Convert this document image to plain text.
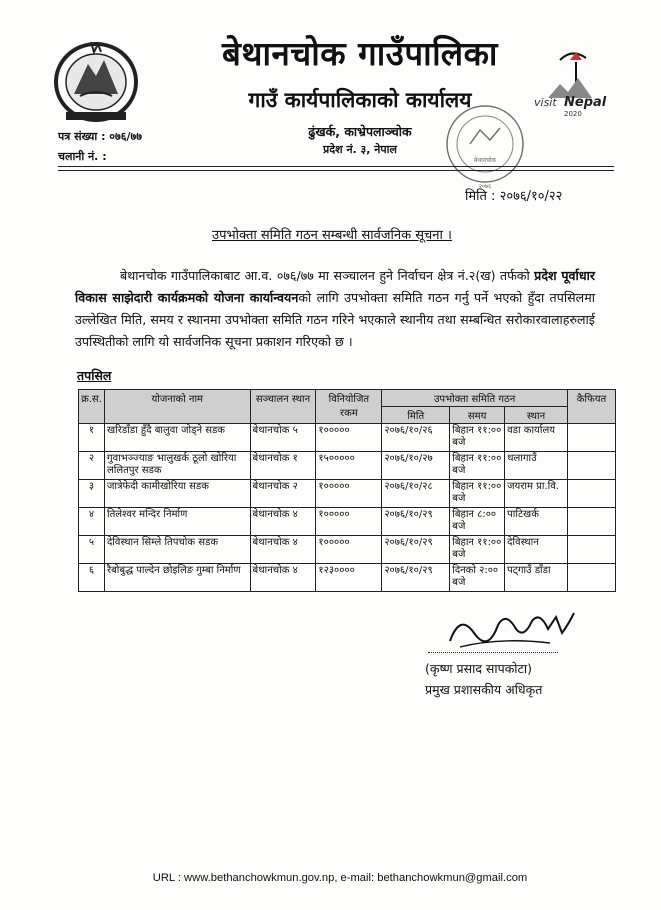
बेथानचोक गाउँपालिका
गाउँ कार्यपालिकाको कार्यालय
ढुंखर्क, काभ्रेपलाञ्चोक
प्रदेश नं. ३, नेपाल
पत्र संख्या : ०७६/७७
चलानी नं. :
visit Nepal
2020
बेथानचोक
२०७६
मिति : २०७६/१०/२२
उपभोक्ता समिति गठन सम्बन्धी सार्वजनिक सूचना ।
बेथानचोक गाउँपालिकाबाट आ.व. ०७६/७७ मा सञ्चालन हुने निर्वाचन क्षेत्र नं.२(ख) तर्फको प्रदेश पूर्वाधार विकास साझेदारी कार्यक्रमको योजना कार्यान्वयनको लागि उपभोक्ता समिति गठन गर्नु पर्ने भएको हुँदा तपसिलमा उल्लेखित मिति, समय र स्थानमा उपभोक्ता समिति गठन गरिने भएकाले स्थानीय तथा सम्बन्धित सरोकारवालाहरुलाई उपस्थितीको लागि यो सार्वजनिक सूचना प्रकाशन गरिएको छ ।
तपसिल
क्र.स.	योजनाको नाम	सञ्चालन स्थान	विनियोजित रकम	उपभोक्ता समिति गठन			कैफियत
				मिति	समय	स्थान	
१	खरिडाँडा हुँदै बालुवा जोड्ने सडक	बेथानचोक ५	१०००००	२०७६/१०/२६	बिहान ११:०० बजे	वडा कार्यालय	
२	गुवाभञ्ज्याङ भालुखर्क ठूलो खोरिया ललितपुर सडक	बेथानचोक १	१५०००००	२०७६/१०/२७	बिहान ११:०० बजे	थलागाउँ	
३	जात्रेफेदी कामीखोरिया सडक	बेथानचोक २	१०००००	२०७६/१०/२८	बिहान ११:०० बजे	जयराम प्रा.वि.	
४	तिलेश्वर मन्दिर निर्माण	बेथानचोक ४	१०००००	२०७६/१०/२९	बिहान ८:०० बजे	पाटिखर्क	
५	देविस्थान सिम्ले तिपचोक सडक	बेथानचोक ४	१०००००	२०७६/१०/२९	बिहान ११:०० बजे	देविस्थान	
६	रैबोबुद्ध पाल्देन छोइलिङ गुम्बा निर्माण	बेथानचोक ४	१२३००००	२०७६/१०/२९	दिनको २:०० बजे	पट्गाउँ डाँडा	
(कृष्ण प्रसाद सापकोटा)
प्रमुख प्रशासकीय अधिकृत
URL : www.bethanchowkmun.gov.np, e-mail: bethanchowkmun@gmail.com
